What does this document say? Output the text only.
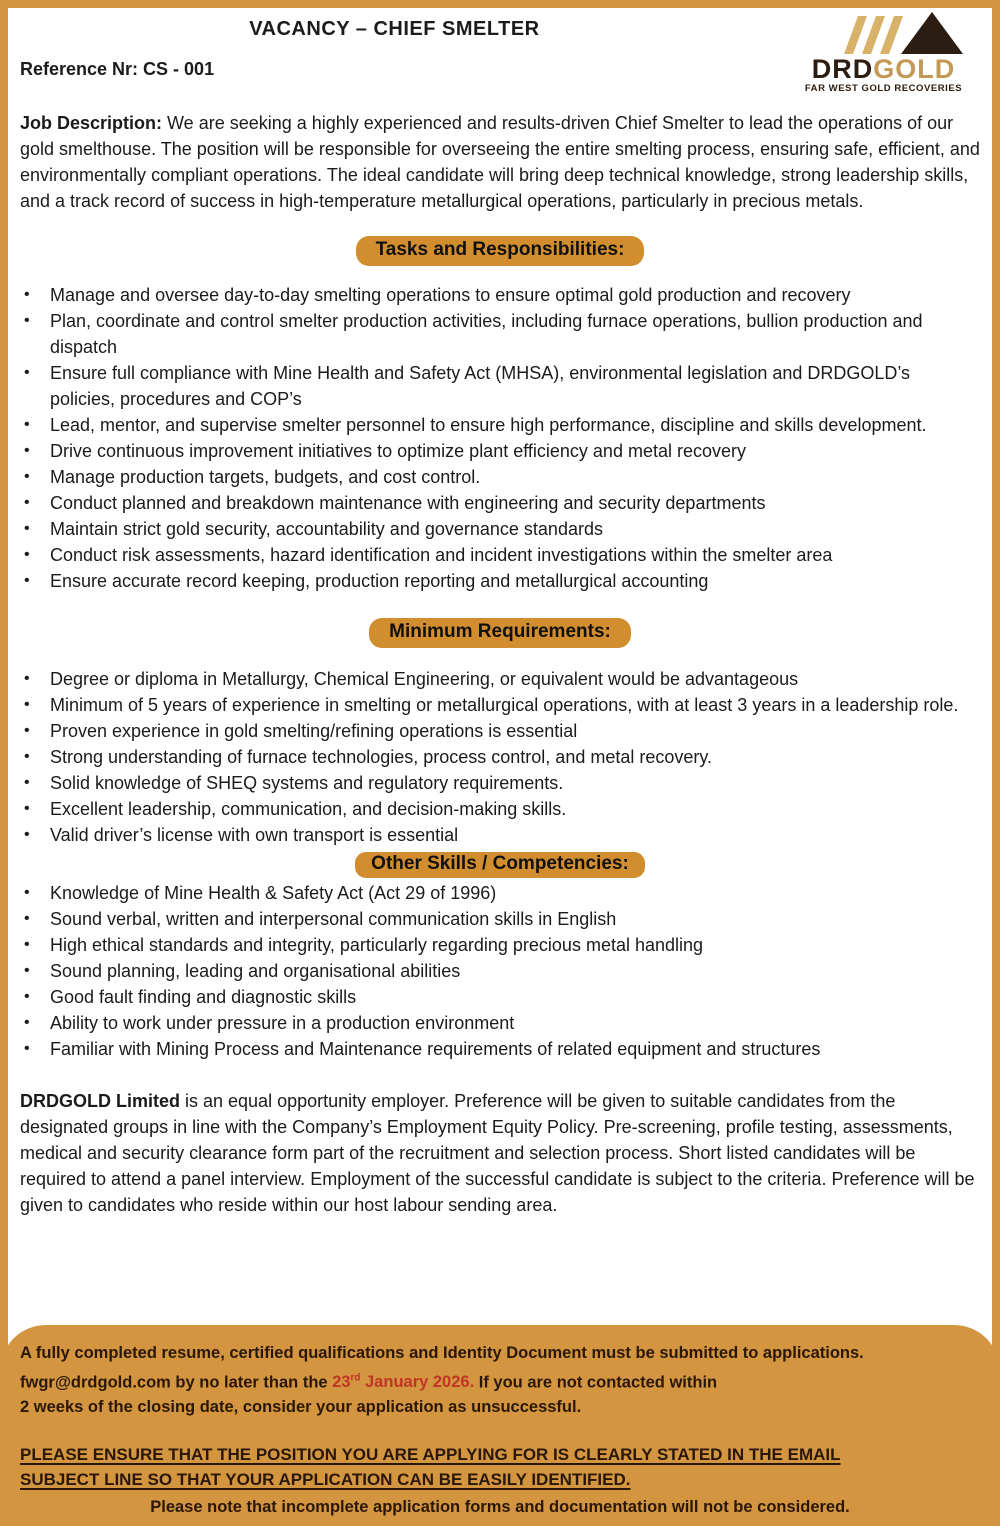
VACANCY – CHIEF SMELTER
Reference Nr: CS - 001	DRDGOLD
FAR WEST GOLD RECOVERIES

Job Description: We are seeking a highly experienced and results-driven Chief Smelter to lead the operations of our gold smelthouse. The position will be responsible for overseeing the entire smelting process, ensuring safe, efficient, and environmentally compliant operations. The ideal candidate will bring deep technical knowledge, strong leadership skills, and a track record of success in high-temperature metallurgical operations, particularly in precious metals.

Tasks and Responsibilities:
• Manage and oversee day-to-day smelting operations to ensure optimal gold production and recovery
• Plan, coordinate and control smelter production activities, including furnace operations, bullion production and dispatch
• Ensure full compliance with Mine Health and Safety Act (MHSA), environmental legislation and DRDGOLD’s policies, procedures and COP’s
• Lead, mentor, and supervise smelter personnel to ensure high performance, discipline and skills development.
• Drive continuous improvement initiatives to optimize plant efficiency and metal recovery
• Manage production targets, budgets, and cost control.
• Conduct planned and breakdown maintenance with engineering and security departments
• Maintain strict gold security, accountability and governance standards
• Conduct risk assessments, hazard identification and incident investigations within the smelter area
• Ensure accurate record keeping, production reporting and metallurgical accounting
Minimum Requirements:
• Degree or diploma in Metallurgy, Chemical Engineering, or equivalent would be advantageous
• Minimum of 5 years of experience in smelting or metallurgical operations, with at least 3 years in a leadership role.
• Proven experience in gold smelting/refining operations is essential
• Strong understanding of furnace technologies, process control, and metal recovery.
• Solid knowledge of SHEQ systems and regulatory requirements.
• Excellent leadership, communication, and decision-making skills.
• Valid driver’s license with own transport is essential
Other Skills / Competencies:
• Knowledge of Mine Health & Safety Act (Act 29 of 1996)
• Sound verbal, written and interpersonal communication skills in English
• High ethical standards and integrity, particularly regarding precious metal handling
• Sound planning, leading and organisational abilities
• Good fault finding and diagnostic skills
• Ability to work under pressure in a production environment
• Familiar with Mining Process and Maintenance requirements of related equipment and structures

DRDGOLD Limited is an equal opportunity employer. Preference will be given to suitable candidates from the designated groups in line with the Company’s Employment Equity Policy. Pre-screening, profile testing, assessments, medical and security clearance form part of the recruitment and selection process. Short listed candidates will be required to attend a panel interview. Employment of the successful candidate is subject to the criteria. Preference will be given to candidates who reside within our host labour sending area.

A fully completed resume, certified qualifications and Identity Document must be submitted to applications.
fwgr@drdgold.com by no later than the 23rd January 2026. If you are not contacted within
2 weeks of the closing date, consider your application as unsuccessful.

PLEASE ENSURE THAT THE POSITION YOU ARE APPLYING FOR IS CLEARLY STATED IN THE EMAIL
SUBJECT LINE SO THAT YOUR APPLICATION CAN BE EASILY IDENTIFIED.

Please note that incomplete application forms and documentation will not be considered.
